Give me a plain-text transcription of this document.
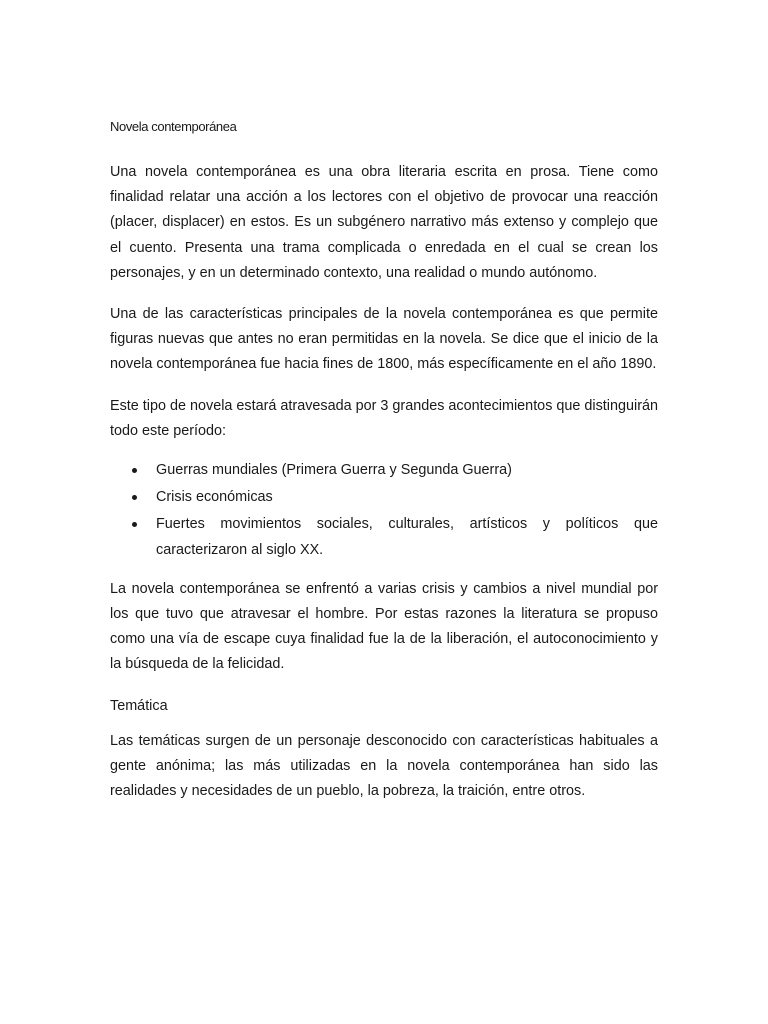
Novela contemporánea

Una novela contemporánea es una obra literaria escrita en prosa. Tiene como finalidad relatar una acción a los lectores con el objetivo de provocar una reacción (placer, displacer) en estos. Es un subgénero narrativo más extenso y complejo que el cuento. Presenta una trama complicada o enredada en el cual se crean los personajes, y en un determinado contexto, una realidad o mundo autónomo.

Una de las características principales de la novela contemporánea es que permite figuras nuevas que antes no eran permitidas en la novela. Se dice que el inicio de la novela contemporánea fue hacia fines de 1800, más específicamente en el año 1890.

Este tipo de novela estará atravesada por 3 grandes acontecimientos que distinguirán todo este período:

Guerras mundiales (Primera Guerra y Segunda Guerra)
Crisis económicas
Fuertes movimientos sociales, culturales, artísticos y políticos que caracterizaron al siglo XX.

La novela contemporánea se enfrentó a varias crisis y cambios a nivel mundial por los que tuvo que atravesar el hombre. Por estas razones la literatura se propuso como una vía de escape cuya finalidad fue la de la liberación, el autoconocimiento y la búsqueda de la felicidad.

Temática

Las temáticas surgen de un personaje desconocido con características habituales a gente anónima; las más utilizadas en la novela contemporánea han sido las realidades y necesidades de un pueblo, la pobreza, la traición, entre otros.
